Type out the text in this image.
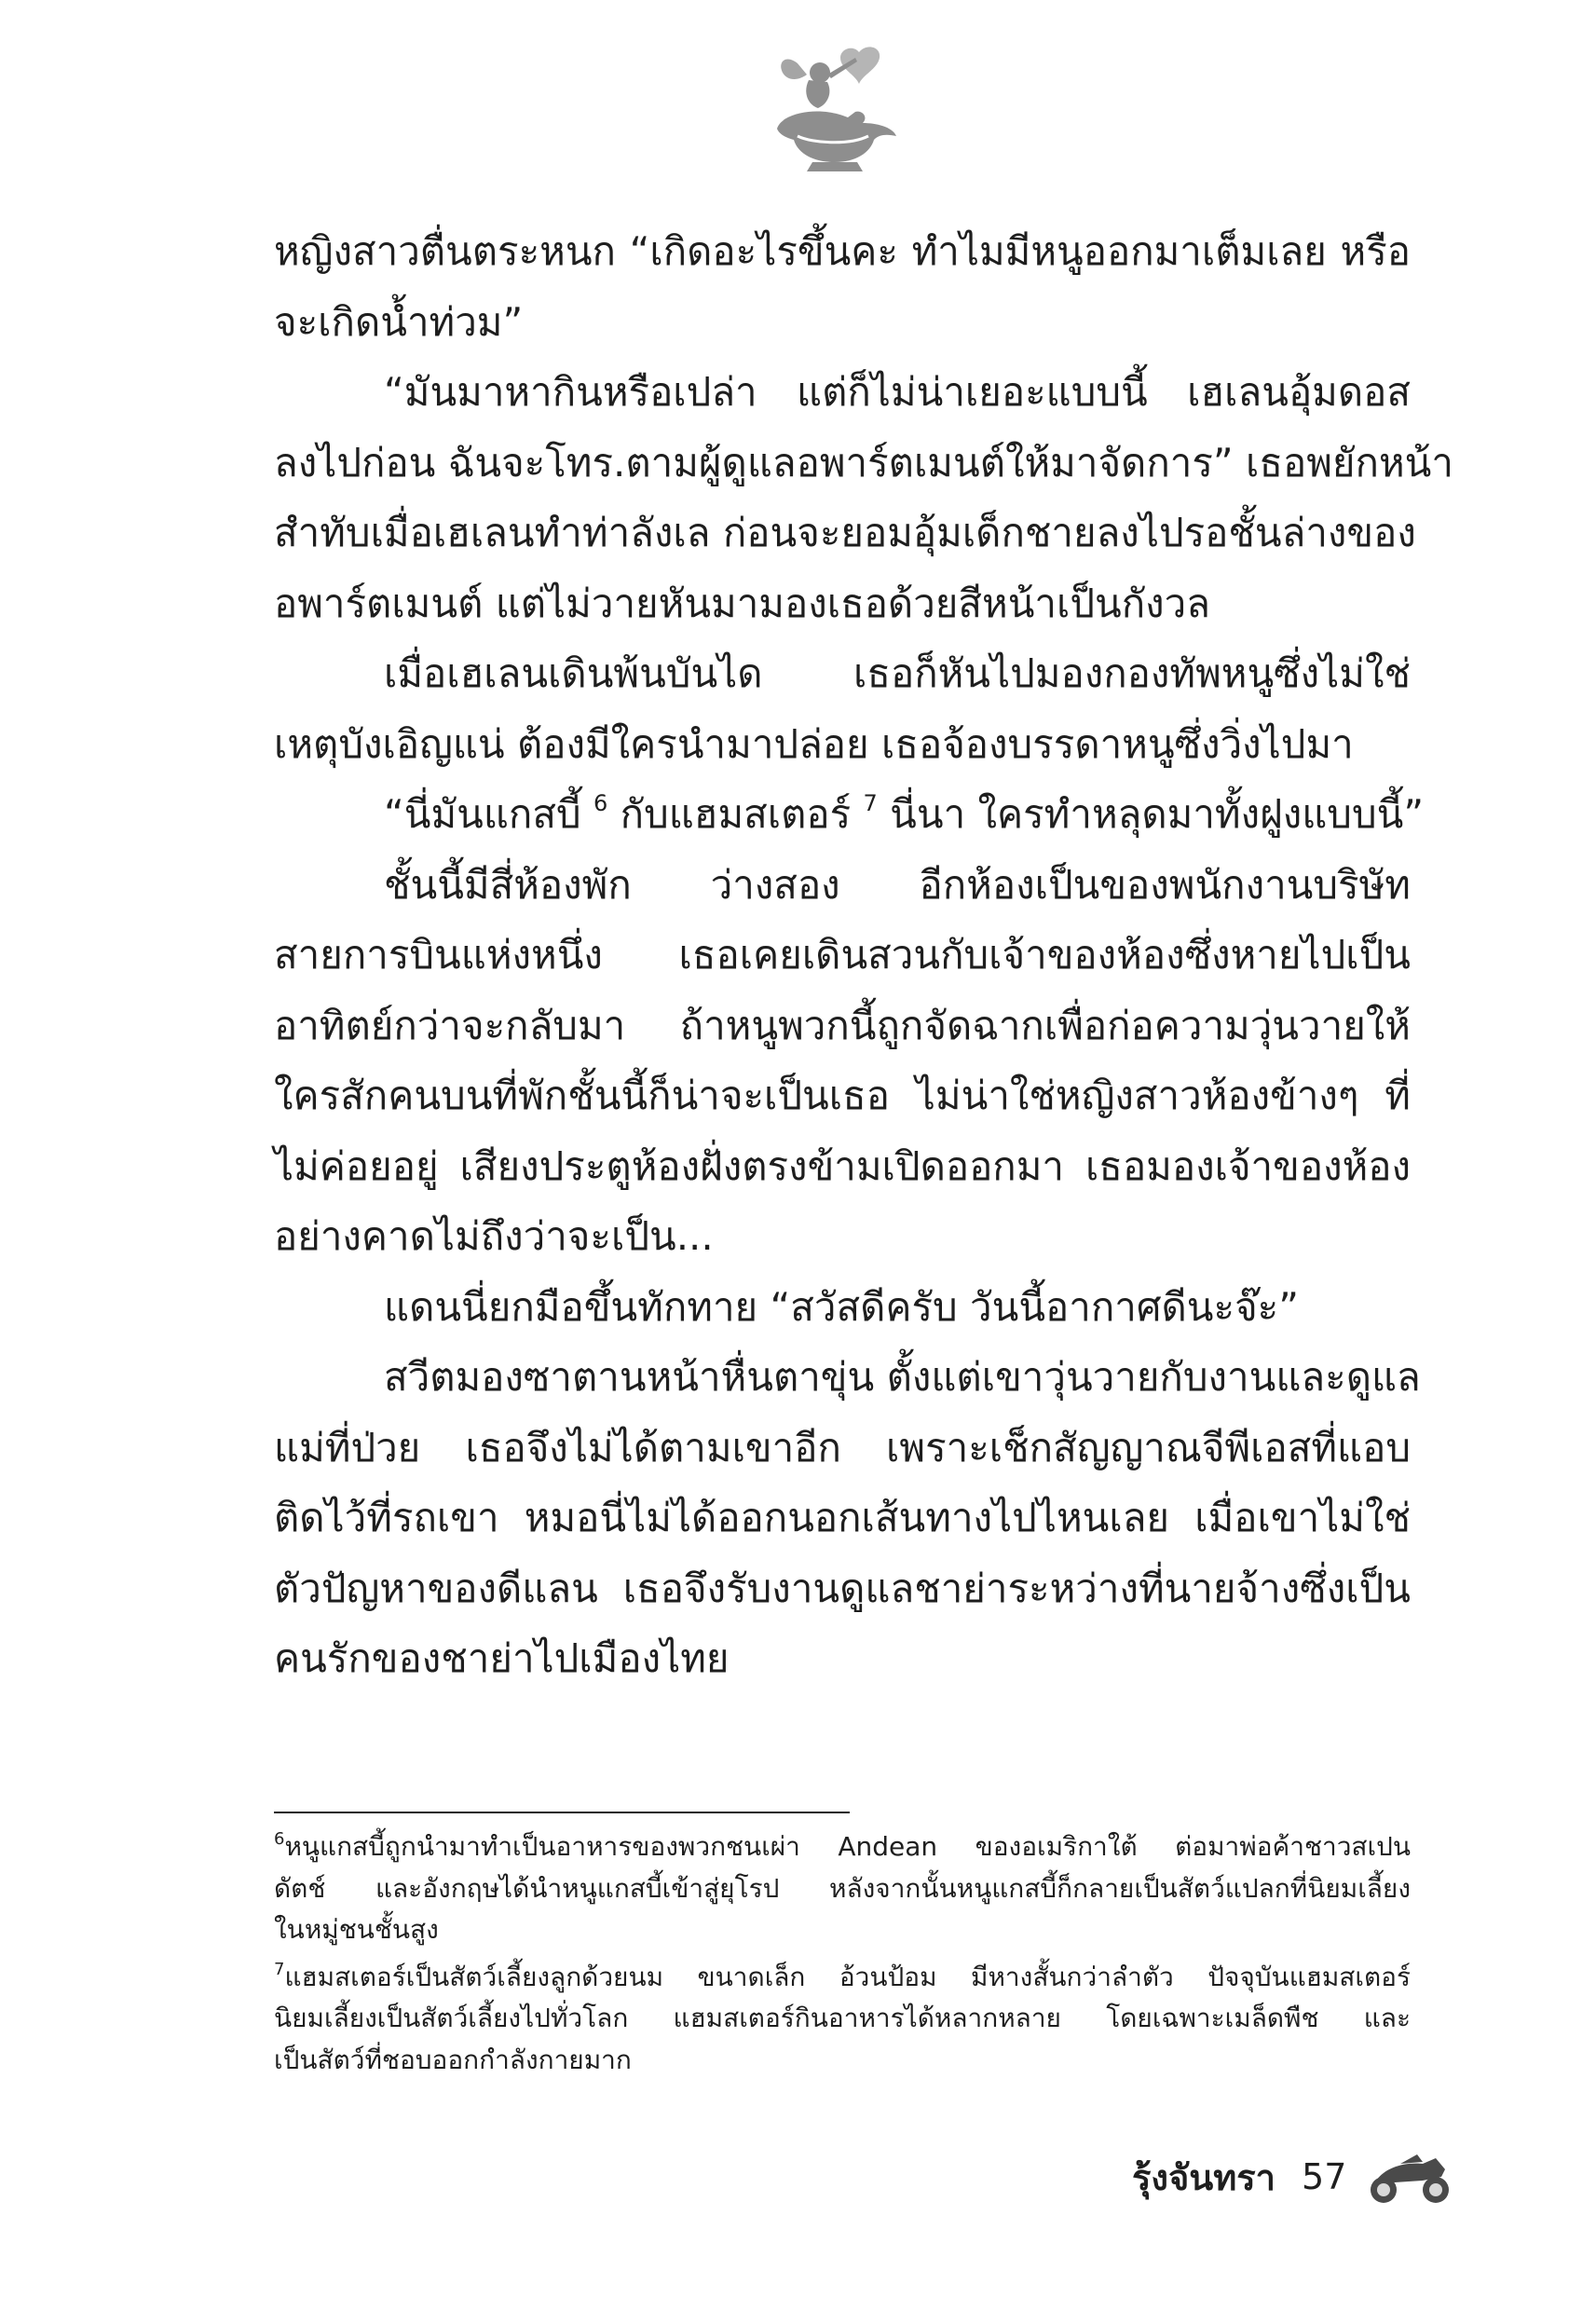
หญิงสาวตื่นตระหนก “เกิดอะไรขึ้นคะ ทำไมมีหนูออกมาเต็มเลย หรือ
จะเกิดน้ำท่วม”
“มันมาหากินหรือเปล่า แต่ก็ไม่น่าเยอะแบบนี้ เฮเลนอุ้มดอส
ลงไปก่อน ฉันจะโทร.ตามผู้ดูแลอพาร์ตเมนต์ให้มาจัดการ” เธอพยักหน้า
สำทับเมื่อเฮเลนทำท่าลังเล ก่อนจะยอมอุ้มเด็กชายลงไปรอชั้นล่างของ
อพาร์ตเมนต์ แต่ไม่วายหันมามองเธอด้วยสีหน้าเป็นกังวล
เมื่อเฮเลนเดินพ้นบันได เธอก็หันไปมองกองทัพหนูซึ่งไม่ใช่
เหตุบังเอิญแน่ ต้องมีใครนำมาปล่อย เธอจ้องบรรดาหนูซึ่งวิ่งไปมา
“นี่มันแกสบี้ $^6$ กับแฮมสเตอร์ $^7$ นี่นา ใครทำหลุดมาทั้งฝูงแบบนี้”
ชั้นนี้มีสี่ห้องพัก ว่างสอง อีกห้องเป็นของพนักงานบริษัท
สายการบินแห่งหนึ่ง เธอเคยเดินสวนกับเจ้าของห้องซึ่งหายไปเป็น
อาทิตย์กว่าจะกลับมา ถ้าหนูพวกนี้ถูกจัดฉากเพื่อก่อความวุ่นวายให้
ใครสักคนบนที่พักชั้นนี้ก็น่าจะเป็นเธอ ไม่น่าใช่หญิงสาวห้องข้างๆ ที่
ไม่ค่อยอยู่ เสียงประตูห้องฝั่งตรงข้ามเปิดออกมา เธอมองเจ้าของห้อง
อย่างคาดไม่ถึงว่าจะเป็น...
แดนนี่ยกมือขึ้นทักทาย “สวัสดีครับ วันนี้อากาศดีนะจ๊ะ”
สวีตมองซาตานหน้าหื่นตาขุ่น ตั้งแต่เขาวุ่นวายกับงานและดูแล
แม่ที่ป่วย เธอจึงไม่ได้ตามเขาอีก เพราะเช็กสัญญาณจีพีเอสที่แอบ
ติดไว้ที่รถเขา หมอนี่ไม่ได้ออกนอกเส้นทางไปไหนเลย เมื่อเขาไม่ใช่
ตัวปัญหาของดีแลน เธอจึงรับงานดูแลชาย่าระหว่างที่นายจ้างซึ่งเป็น
คนรักของชาย่าไปเมืองไทย
$^6$หนูแกสบี้ถูกนำมาทำเป็นอาหารของพวกชนเผ่า Andean ของอเมริกาใต้ ต่อมาพ่อค้าชาวสเปน
ดัตช์ และอังกฤษได้นำหนูแกสบี้เข้าสู่ยุโรป หลังจากนั้นหนูแกสบี้ก็กลายเป็นสัตว์แปลกที่นิยมเลี้ยง
ในหมู่ชนชั้นสูง
$^7$แฮมสเตอร์เป็นสัตว์เลี้ยงลูกด้วยนม ขนาดเล็ก อ้วนป้อม มีหางสั้นกว่าลำตัว ปัจจุบันแฮมสเตอร์
นิยมเลี้ยงเป็นสัตว์เลี้ยงไปทั่วโลก แฮมสเตอร์กินอาหารได้หลากหลาย โดยเฉพาะเมล็ดพืช และ
เป็นสัตว์ที่ชอบออกกำลังกายมาก
รุ้งจันทรา 57
